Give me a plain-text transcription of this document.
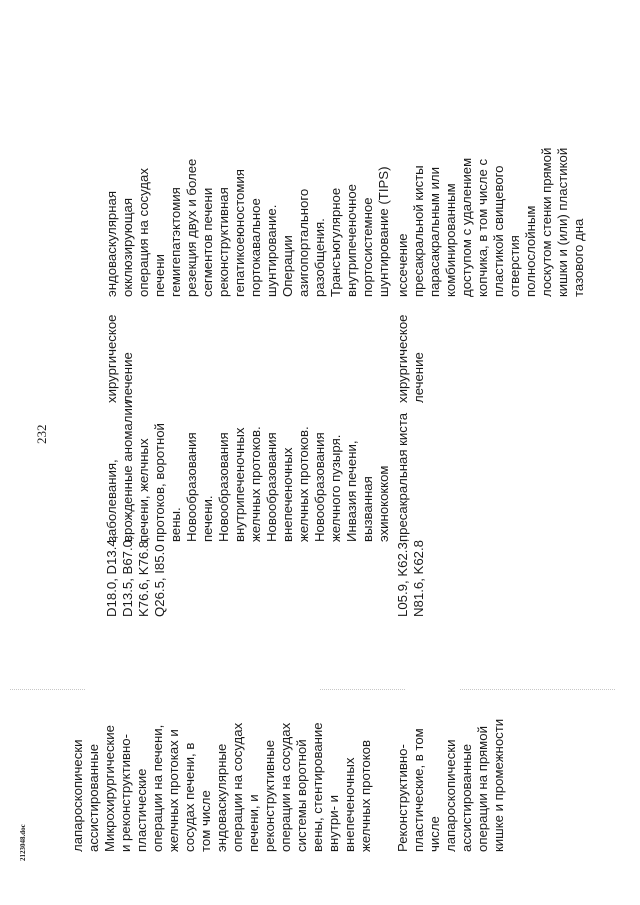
232
2123048.doc	лапароскопически ассистированные Микрохирургические и реконструктивно- пластические операции на печени, желчных протоках и сосудах печени, в том числе эндоваскулярные операции на сосудах печени, и реконструктивные операции на сосудах системы воротной вены, стентирование внутри- и внепеченочных желчных протоков
D18.0, D13.4, D13.5, B67.0, K76.6, K76.8, Q26.5, I85.0
заболевания, врожденные аномалии печени, желчных протоков, воротной вены. Новообразования печени. Новообразования внутрипеченочных желчных протоков. Новообразования внепеченочных желчных протоков. Новообразования желчного пузыря. Инвазия печени, вызванная эхинококком
хирургическое лечение
эндоваскулярная окклюзирующая операция на сосудах печени гемигепатэктомия резекция двух и более сегментов печени реконструктивная гепатикоеюностомия портокавальное шунтирование. Операции азигопортального разобщения. Трансъюгулярное внутрипеченочное портосистемное шунтирование (TIPS)
Реконструктивно- пластические, в том числе лапароскопически ассистированные операции на прямой кишке и промежности
L05.9, K62.3, N81.6, K62.8
пресакральная киста
хирургическое лечение
иссечение пресакральной кисты парасакральным или комбинированным доступом с удалением копчика, в том числе с пластикой свищевого отверстия полнослойным лоскутом стенки прямой кишки и (или) пластикой тазового дна
